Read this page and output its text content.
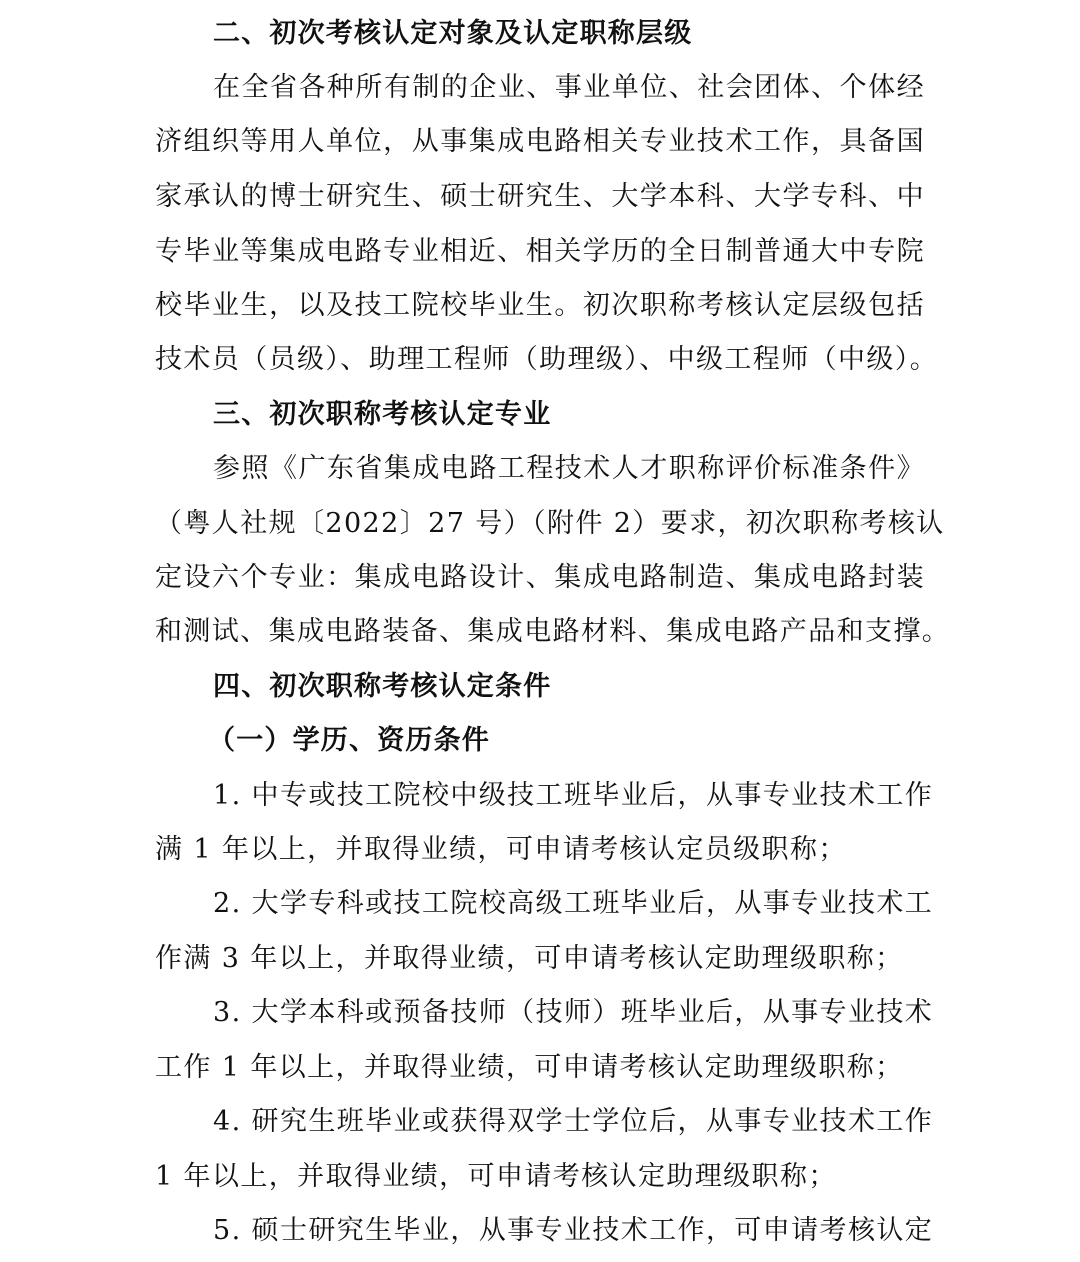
二、初次考核认定对象及认定职称层级
在全省各种所有制的企业、事业单位、社会团体、个体经
济组织等用人单位，从事集成电路相关专业技术工作，具备国
家承认的博士研究生、硕士研究生、大学本科、大学专科、中
专毕业等集成电路专业相近、相关学历的全日制普通大中专院
校毕业生，以及技工院校毕业生。初次职称考核认定层级包括
技术员（员级）、助理工程师（助理级）、中级工程师（中级）。
三、初次职称考核认定专业
参照《广东省集成电路工程技术人才职称评价标准条件》
（粤人社规〔2022〕27 号）（附件 2）要求，初次职称考核认
定设六个专业：集成电路设计、集成电路制造、集成电路封装
和测试、集成电路装备、集成电路材料、集成电路产品和支撑。
四、初次职称考核认定条件
（一）学历、资历条件
1. 中专或技工院校中级技工班毕业后，从事专业技术工作
满 1 年以上，并取得业绩，可申请考核认定员级职称；
2. 大学专科或技工院校高级工班毕业后，从事专业技术工
作满 3 年以上，并取得业绩，可申请考核认定助理级职称；
3. 大学本科或预备技师（技师）班毕业后，从事专业技术
工作 1 年以上，并取得业绩，可申请考核认定助理级职称；
4. 研究生班毕业或获得双学士学位后，从事专业技术工作
1 年以上，并取得业绩，可申请考核认定助理级职称；
5. 硕士研究生毕业，从事专业技术工作，可申请考核认定
